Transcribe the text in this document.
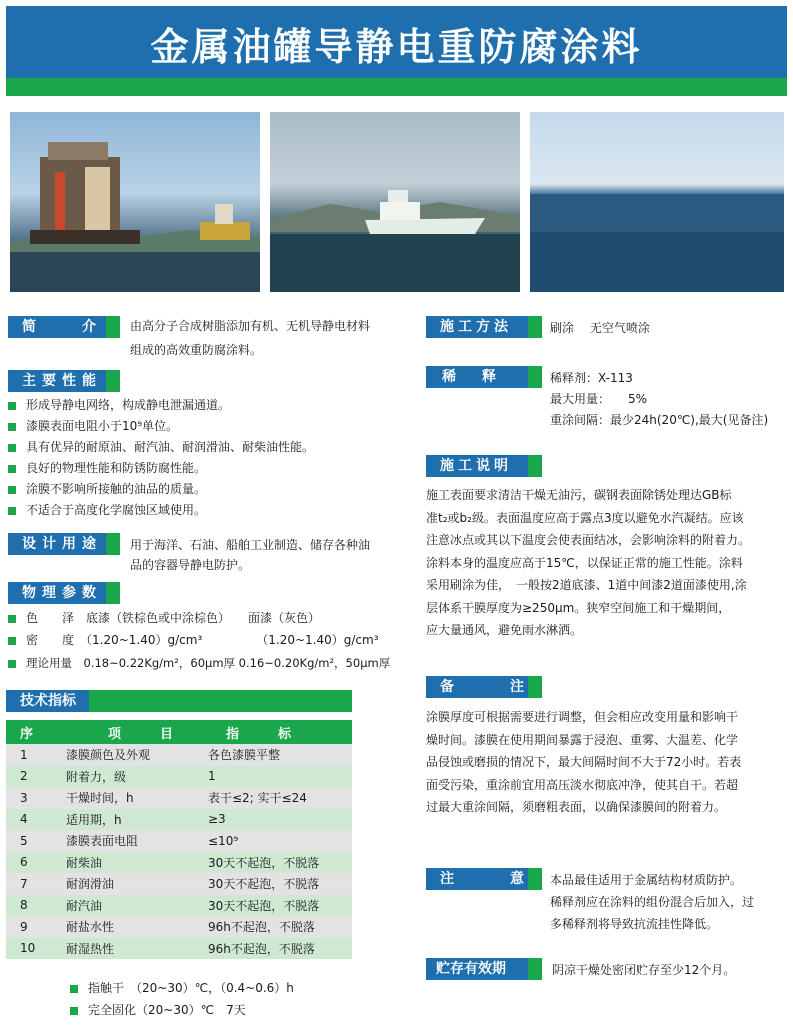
金属油罐导静电重防腐涂料
简　　介	由高分子合成树脂添加有机、无机导静电材料
组成的高效重防腐涂料。
主要性能
形成导静电网络，构成静电泄漏通道。
漆膜表面电阻小于10⁹单位。
具有优异的耐原油、耐汽油、耐润滑油、耐柴油性能。
良好的物理性能和防锈防腐性能。
涂膜不影响所接触的油品的质量。
不适合于高度化学腐蚀区域使用。
设计用途	用于海洋、石油、船舶工业制造、储存各种油
品的容器导静电防护。
物理参数
色　　泽　底漆（铁棕色或中涂棕色）　　面漆（灰色）
密　　度　（1.20~1.40）g/cm³　　　　　（1.20~1.40）g/cm³
理论用量　0.18~0.22Kg/m²，60μm厚 0.16~0.20Kg/m²，50μm厚
技术指标
序	项　　　目	指　　　标
1	漆膜颜色及外观	各色漆膜平整
2	附着力，级	1
3	干燥时间，h	表干≤2; 实干≤24
4	适用期，h	≥3
5	漆膜表面电阻	≤10⁹
6	耐柴油	30天不起泡，不脱落
7	耐润滑油	30天不起泡，不脱落
8	耐汽油	30天不起泡，不脱落
9	耐盐水性	96h不起泡，不脱落
10	耐湿热性	96h不起泡，不脱落
指触干　（20~30）℃，（0.4~0.6）h
完全固化（20~30）℃　7天
施工方法	刷涂　 无空气喷涂
稀　释　剂
稀释剂：X-113
最大用量：　　5%
重涂间隔：最少24h(20℃),最大(见备注)
施工说明
施工表面要求清洁干燥无油污，碳钢表面除锈处理达GB标
准t₂或b₂级。表面温度应高于露点3度以避免水汽凝结。应该
注意冰点或其以下温度会使表面结冰，会影响涂料的附着力。
涂料本身的温度应高于15℃，以保证正常的施工性能。涂料
采用刷涂为佳，　一般按2道底漆、1道中间漆2道面漆使用,涂
层体系干膜厚度为≥250μm。狭窄空间施工和干燥期间，
应大量通风，避免雨水淋洒。
备　　　　注
涂膜厚度可根据需要进行调整，但会相应改变用量和影响干
燥时间。漆膜在使用期间暴露于浸泡、重雾、大温差、化学
品侵蚀或磨损的情况下，最大间隔时间不大于72小时。若表
面受污染，重涂前宜用高压淡水彻底冲净，使其自干。若超
过最大重涂间隔，须磨粗表面，以确保漆膜间的附着力。
注　　　　意	本品最佳适用于金属结构材质防护。
稀释剂应在涂料的组份混合后加入，过
多稀释剂将导致抗流挂性降低。
贮存有效期	阴凉干燥处密闭贮存至少12个月。
